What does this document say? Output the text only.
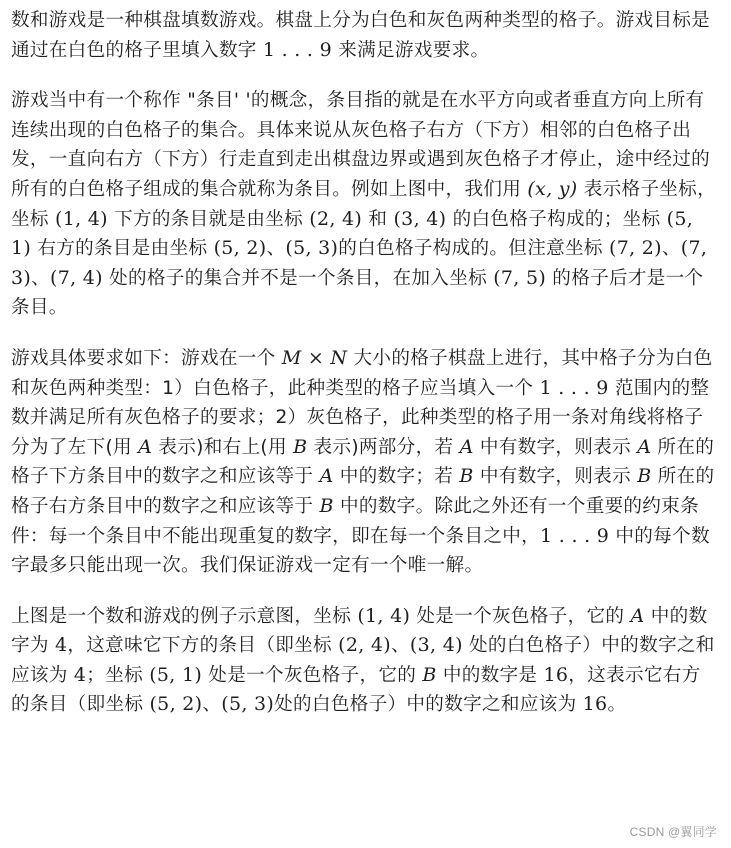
数和游戏是一种棋盘填数游戏。棋盘上分为白色和灰色两种类型的格子。游戏目标是通过在白色的格子里填入数字 1 . . . 9 来满足游戏要求。

游戏当中有一个称作 "条目' '的概念，条目指的就是在水平方向或者垂直方向上所有连续出现的白色格子的集合。具体来说从灰色格子右方（下方）相邻的白色格子出发，一直向右方（下方）行走直到走出棋盘边界或遇到灰色格子才停止，途中经过的所有的白色格子组成的集合就称为条目。例如上图中，我们用 (x, y) 表示格子坐标，坐标 (1, 4) 下方的条目就是由坐标 (2, 4) 和 (3, 4) 的白色格子构成的；坐标 (5, 1) 右方的条目是由坐标 (5, 2)、(5, 3)的白色格子构成的。但注意坐标 (7, 2)、(7, 3)、(7, 4) 处的格子的集合并不是一个条目，在加入坐标 (7, 5) 的格子后才是一个条目。

游戏具体要求如下：游戏在一个 M × N 大小的格子棋盘上进行，其中格子分为白色和灰色两种类型：1）白色格子，此种类型的格子应当填入一个 1 . . . 9 范围内的整数并满足所有灰色格子的要求；2）灰色格子，此种类型的格子用一条对角线将格子分为了左下(用 A 表示)和右上(用 B 表示)两部分，若 A 中有数字，则表示 A 所在的格子下方条目中的数字之和应该等于 A 中的数字；若 B 中有数字，则表示 B 所在的格子右方条目中的数字之和应该等于 B 中的数字。除此之外还有一个重要的约束条件：每一个条目中不能出现重复的数字，即在每一个条目之中，1 . . . 9 中的每个数字最多只能出现一次。我们保证游戏一定有一个唯一解。

上图是一个数和游戏的例子示意图，坐标 (1, 4) 处是一个灰色格子，它的 A 中的数字为 4，这意味它下方的条目（即坐标 (2, 4)、(3, 4) 处的白色格子）中的数字之和应该为 4；坐标 (5, 1) 处是一个灰色格子，它的 B 中的数字是 16，这表示它右方的条目（即坐标 (5, 2)、(5, 3)处的白色格子）中的数字之和应该为 16。

CSDN @翼同学
